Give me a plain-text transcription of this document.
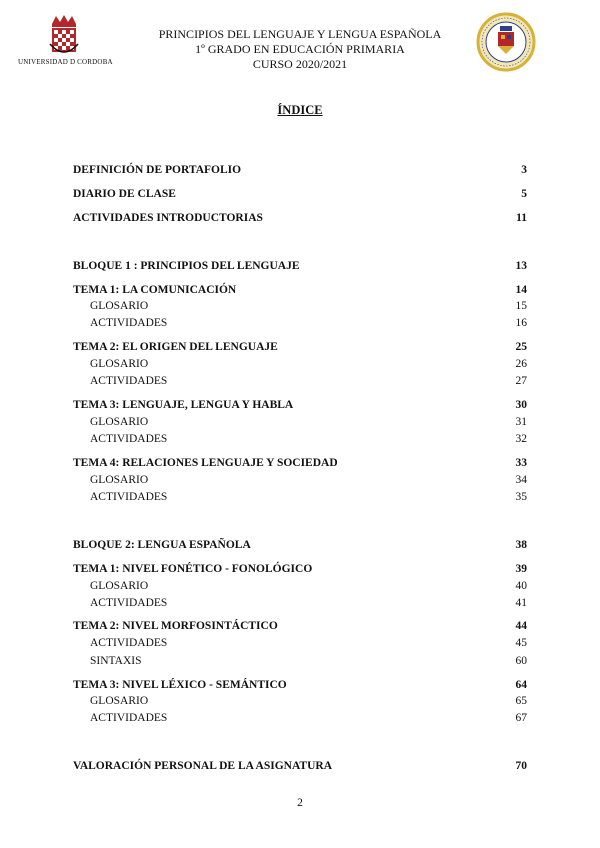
UNIVERSIDAD D CORDOBA
PRINCIPIOS DEL LENGUAJE Y LENGUA ESPAÑOLA
1º GRADO EN EDUCACIÓN PRIMARIA
CURSO 2020/2021
ÍNDICE
DEFINICIÓN DE PORTAFOLIO	3
DIARIO DE CLASE	5
ACTIVIDADES INTRODUCTORIAS	11
BLOQUE 1 : PRINCIPIOS DEL LENGUAJE	13
TEMA 1: LA COMUNICACIÓN	14
GLOSARIO	15
ACTIVIDADES	16
TEMA 2: EL ORIGEN DEL LENGUAJE	25
GLOSARIO	26
ACTIVIDADES	27
TEMA 3: LENGUAJE, LENGUA Y HABLA	30
GLOSARIO	31
ACTIVIDADES	32
TEMA 4: RELACIONES LENGUAJE Y SOCIEDAD	33
GLOSARIO	34
ACTIVIDADES	35
BLOQUE 2: LENGUA ESPAÑOLA	38
TEMA 1: NIVEL FONÉTICO - FONOLÓGICO	39
GLOSARIO	40
ACTIVIDADES	41
TEMA 2: NIVEL MORFOSINTÁCTICO	44
ACTIVIDADES	45
SINTAXIS	60
TEMA 3: NIVEL LÉXICO - SEMÁNTICO	64
GLOSARIO	65
ACTIVIDADES	67
VALORACIÓN PERSONAL DE LA ASIGNATURA	70
2
